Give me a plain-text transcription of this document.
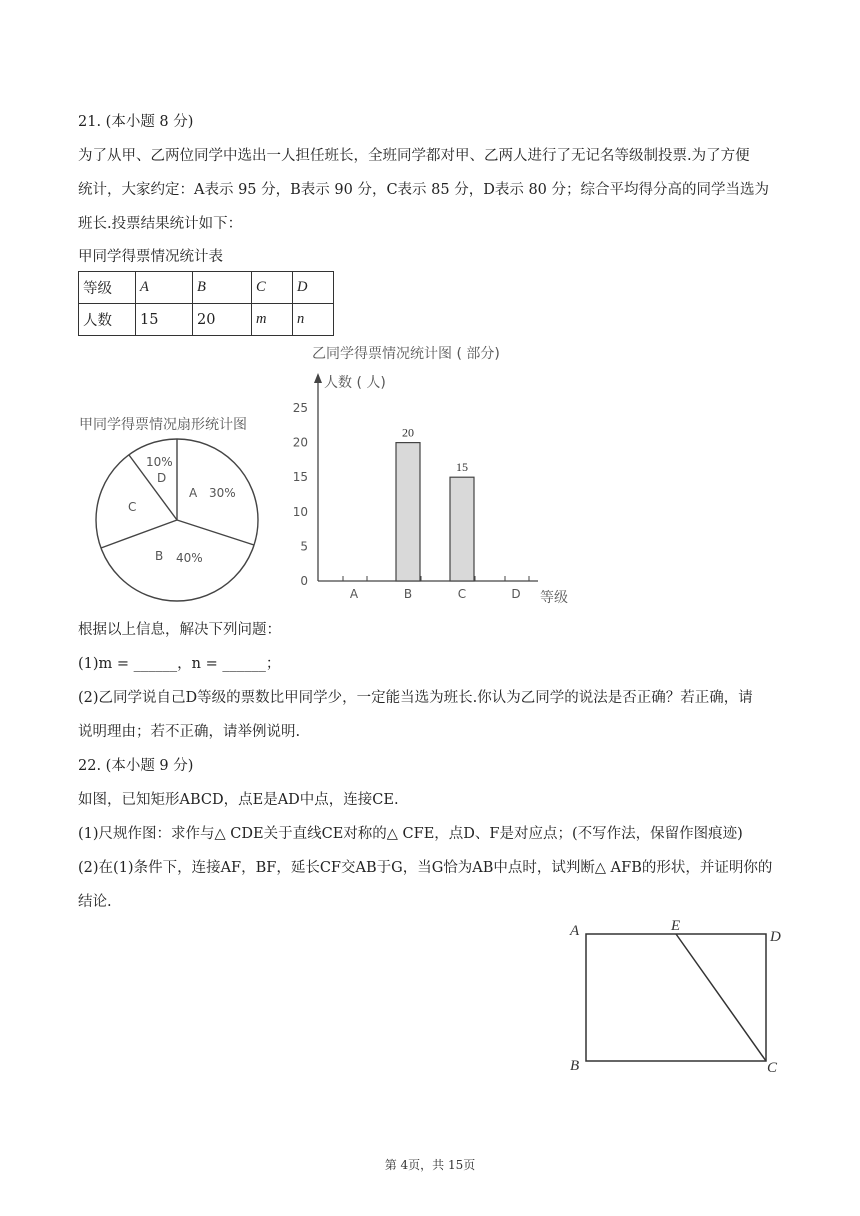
21. (本小题 8 分)
为了从甲、乙两位同学中选出一人担任班长，全班同学都对甲、乙两人进行了无记名等级制投票.为了方便
统计，大家约定：A表示 95 分，B表示 90 分，C表示 85 分，D表示 80 分；综合平均得分高的同学当选为
班长.投票结果统计如下：
甲同学得票情况统计表
等级	A	B	C	D
人数	15	20	m	n
甲同学得票情况扇形统计图
A 30%
B 40%
C
10%
D
乙同学得票情况统计图 ( 部分)
人数 ( 人)
等级
0
5
10
15
20
25
A	B
20
C
15
D
根据以上信息，解决下列问题：
(1)m = ______，n = ______；
(2)乙同学说自己D等级的票数比甲同学少，一定能当选为班长.你认为乙同学的说法是否正确？若正确，请
说明理由；若不正确，请举例说明.
22. (本小题 9 分)
如图，已知矩形ABCD，点E是AD中点，连接CE.
(1)尺规作图：求作与△ CDE关于直线CE对称的△ CFE，点D、F是对应点；(不写作法，保留作图痕迹)
(2)在(1)条件下，连接AF，BF，延长CF交AB于G，当G恰为AB中点时，试判断△ AFB的形状，并证明你的
结论.
A	E
D
B	C
第 4页，共 15页
